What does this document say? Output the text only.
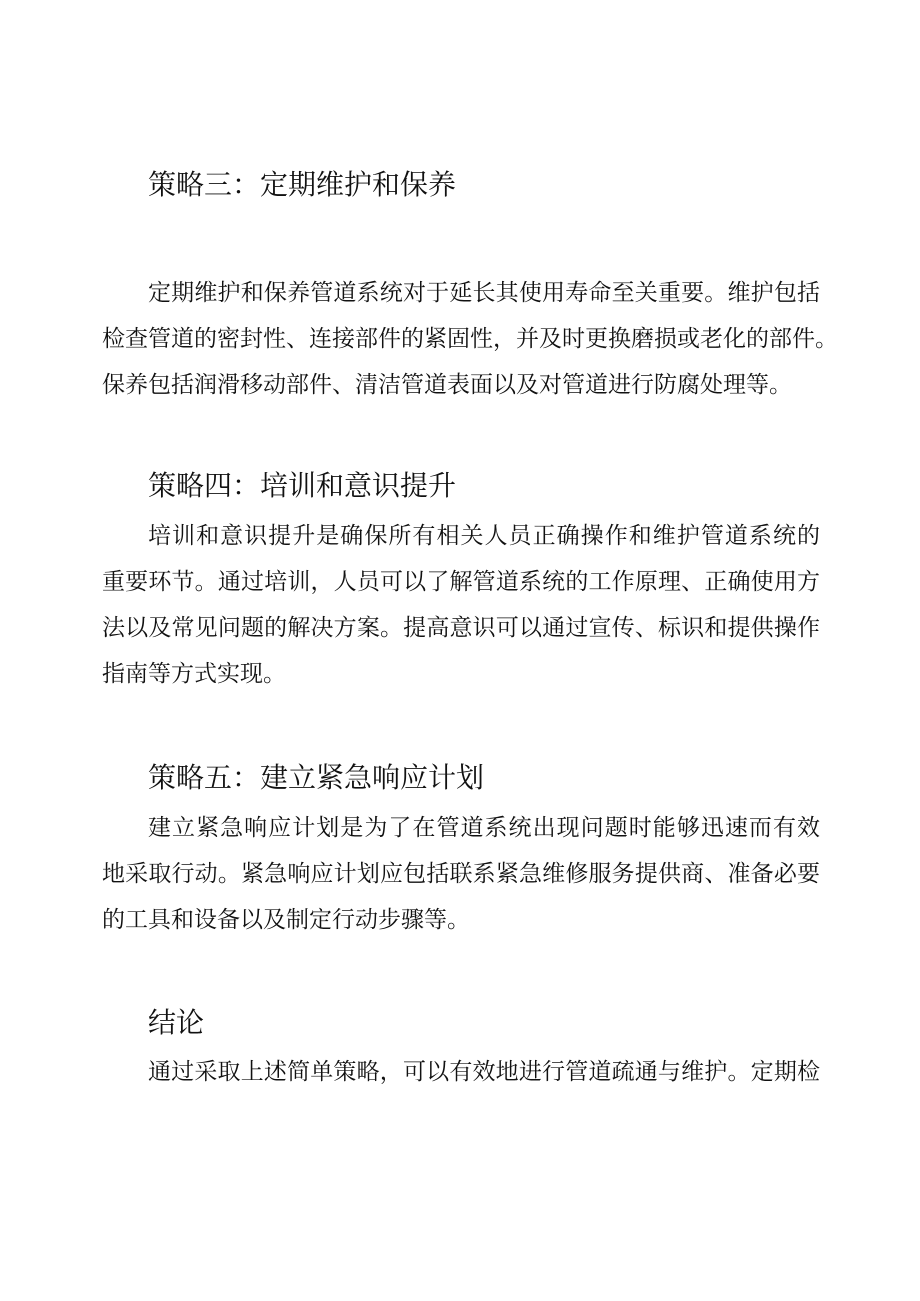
策略三：定期维护和保养
定期维护和保养管道系统对于延长其使用寿命至关重要。维护包括
检查管道的密封性、连接部件的紧固性，并及时更换磨损或老化的部件。
保养包括润滑移动部件、清洁管道表面以及对管道进行防腐处理等。
策略四：培训和意识提升
培训和意识提升是确保所有相关人员正确操作和维护管道系统的
重要环节。通过培训，人员可以了解管道系统的工作原理、正确使用方
法以及常见问题的解决方案。提高意识可以通过宣传、标识和提供操作
指南等方式实现。
策略五：建立紧急响应计划
建立紧急响应计划是为了在管道系统出现问题时能够迅速而有效
地采取行动。紧急响应计划应包括联系紧急维修服务提供商、准备必要
的工具和设备以及制定行动步骤等。
结论
通过采取上述简单策略，可以有效地进行管道疏通与维护。定期检
